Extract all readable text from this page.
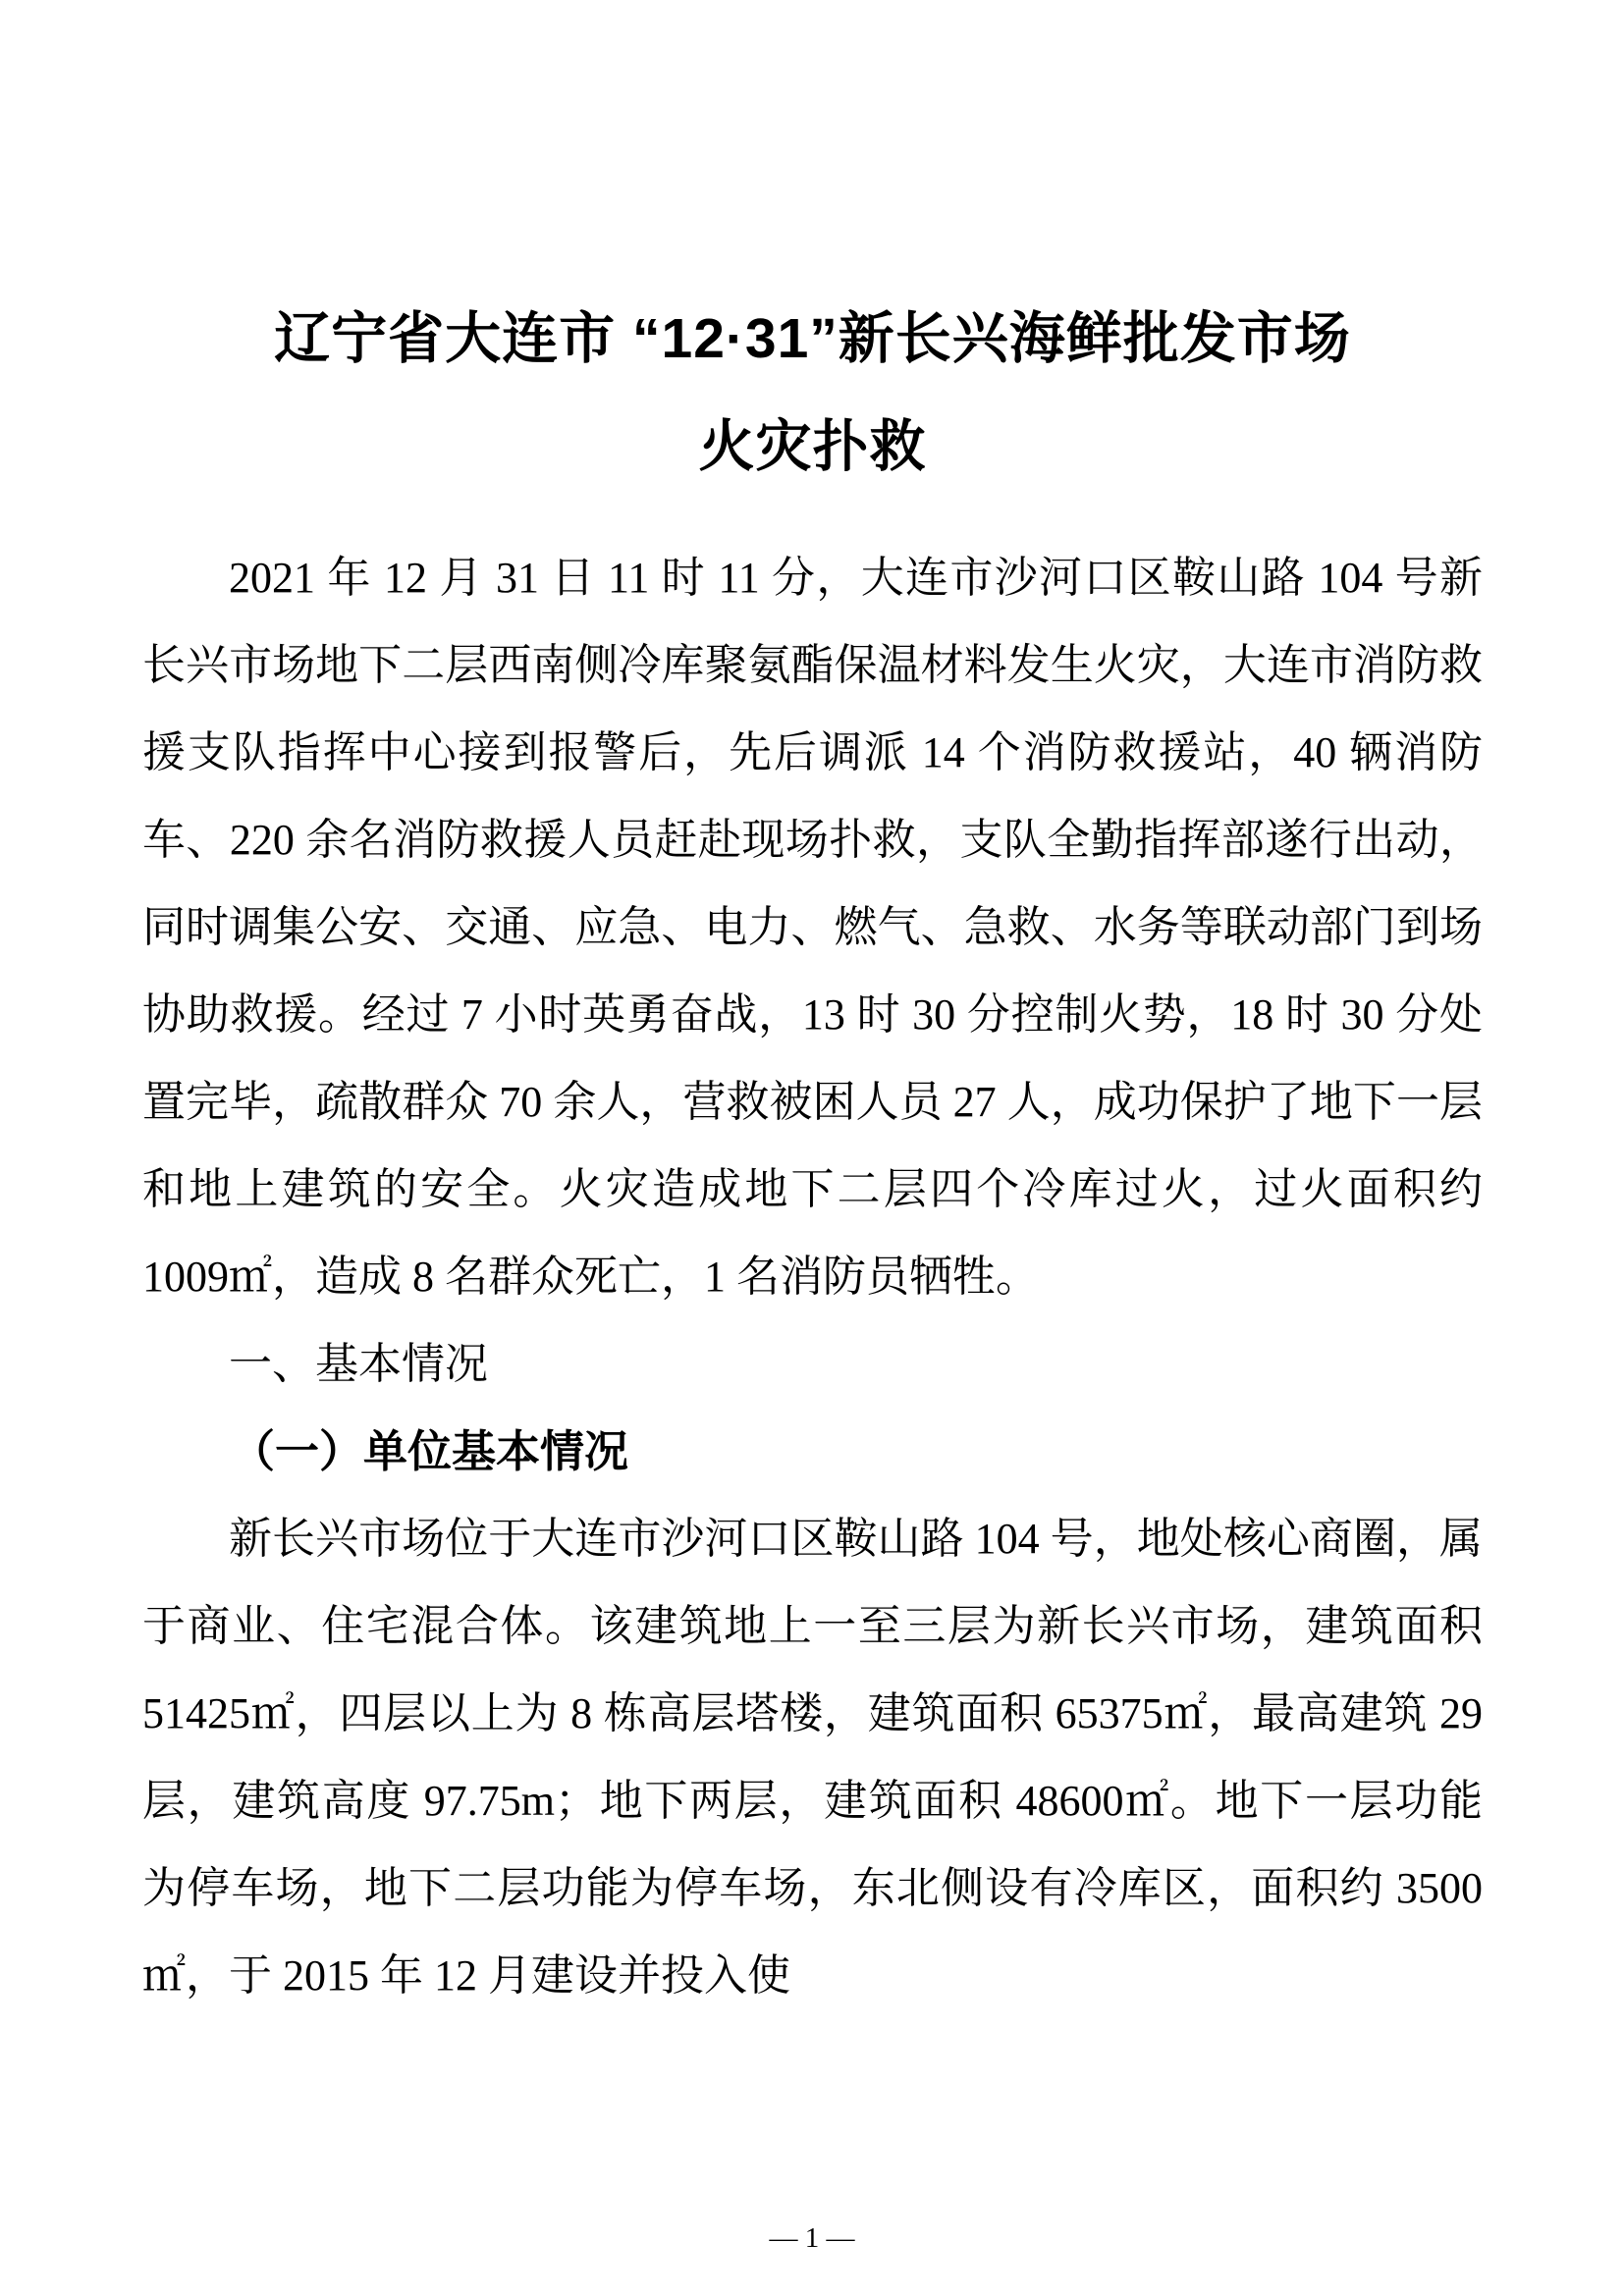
辽宁省大连市 “12·31”新长兴海鲜批发市场
火灾扑救

2021 年 12 月 31 日 11 时 11 分，大连市沙河口区鞍山路 104 号新长兴市场地下二层西南侧冷库聚氨酯保温材料发生火灾，大连市消防救援支队指挥中心接到报警后，先后调派 14 个消防救援站，40 辆消防车、220 余名消防救援人员赶赴现场扑救，支队全勤指挥部遂行出动，同时调集公安、交通、应急、电力、燃气、急救、水务等联动部门到场协助救援。经过 7 小时英勇奋战，13 时 30 分控制火势，18 时 30 分处置完毕，疏散群众 70 余人，营救被困人员 27 人，成功保护了地下一层和地上建筑的安全。火灾造成地下二层四个冷库过火，过火面积约 1009㎡，造成 8 名群众死亡，1 名消防员牺牲。

一、基本情况

（一）单位基本情况

新长兴市场位于大连市沙河口区鞍山路 104 号，地处核心商圈，属于商业、住宅混合体。该建筑地上一至三层为新长兴市场，建筑面积 51425㎡，四层以上为 8 栋高层塔楼，建筑面积 65375㎡，最高建筑 29 层，建筑高度 97.75m；地下两层，建筑面积 48600㎡。地下一层功能为停车场，地下二层功能为停车场，东北侧设有冷库区，面积约 3500㎡，于 2015 年 12 月建设并投入使

— 1 —
